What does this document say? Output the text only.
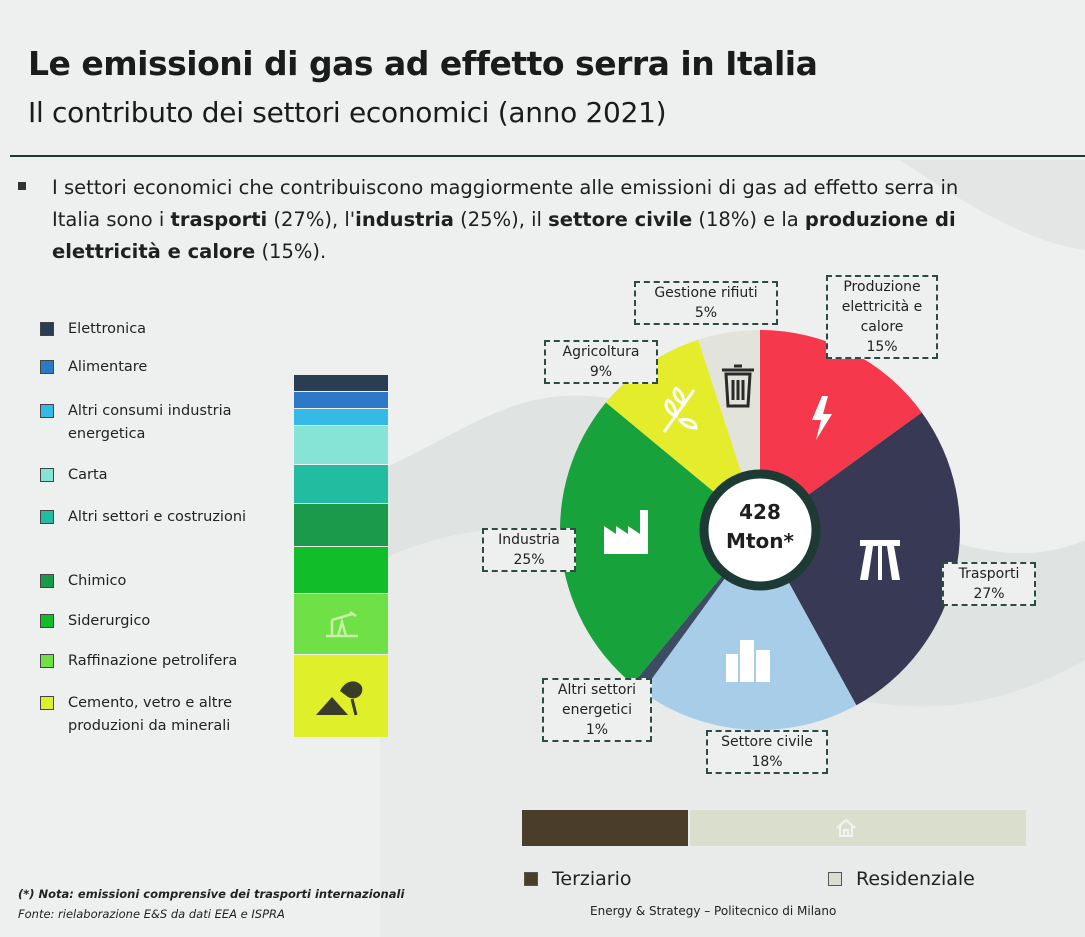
Le emissioni di gas ad effetto serra in Italia
Il contributo dei settori economici (anno 2021)
I settori economici che contribuiscono maggiormente alle emissioni di gas ad effetto serra in Italia sono i trasporti (27%), l'industria (25%), il settore civile (18%) e la produzione di elettricità e calore (15%).
Elettronica
Alimentare
Altri consumi industria energetica
Carta
Altri settori e costruzioni
Chimico
Siderurgico
Raffinazione petrolifera
Cemento, vetro e altre produzioni da minerali
428
Mton*
Produzione
elettricità e
calore
15%
Gestione rifiuti
5%
Agricoltura
9%
Industria
25%
Trasporti
27%
Altri settori
energetici
1%
Settore civile
18%
Terziario	Residenziale
(*) Nota: emissioni comprensive dei trasporti internazionali
Fonte: rielaborazione E&S da dati EEA e ISPRA	Energy & Strategy – Politecnico di Milano
